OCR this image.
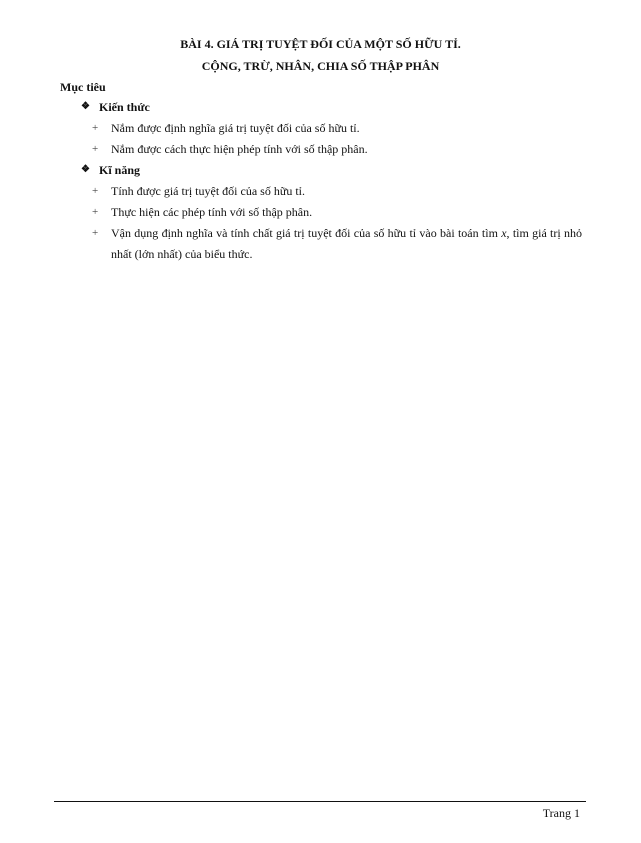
BÀI 4. GIÁ TRỊ TUYỆT ĐỐI CỦA MỘT SỐ HỮU TỈ.
CỘNG, TRỪ, NHÂN, CHIA SỐ THẬP PHÂN
Mục tiêu
❖ Kiến thức
+	Nắm được định nghĩa giá trị tuyệt đối của số hữu tỉ.
+	Nắm được cách thực hiện phép tính với số thập phân.
❖ Kĩ năng
+	Tính được giá trị tuyệt đối của số hữu tỉ.
+	Thực hiện các phép tính với số thập phân.
+	Vận dụng định nghĩa và tính chất giá trị tuyệt đối của số hữu tỉ vào bài toán tìm x, tìm giá trị nhỏ nhất (lớn nhất) của biểu thức.
Trang 1
